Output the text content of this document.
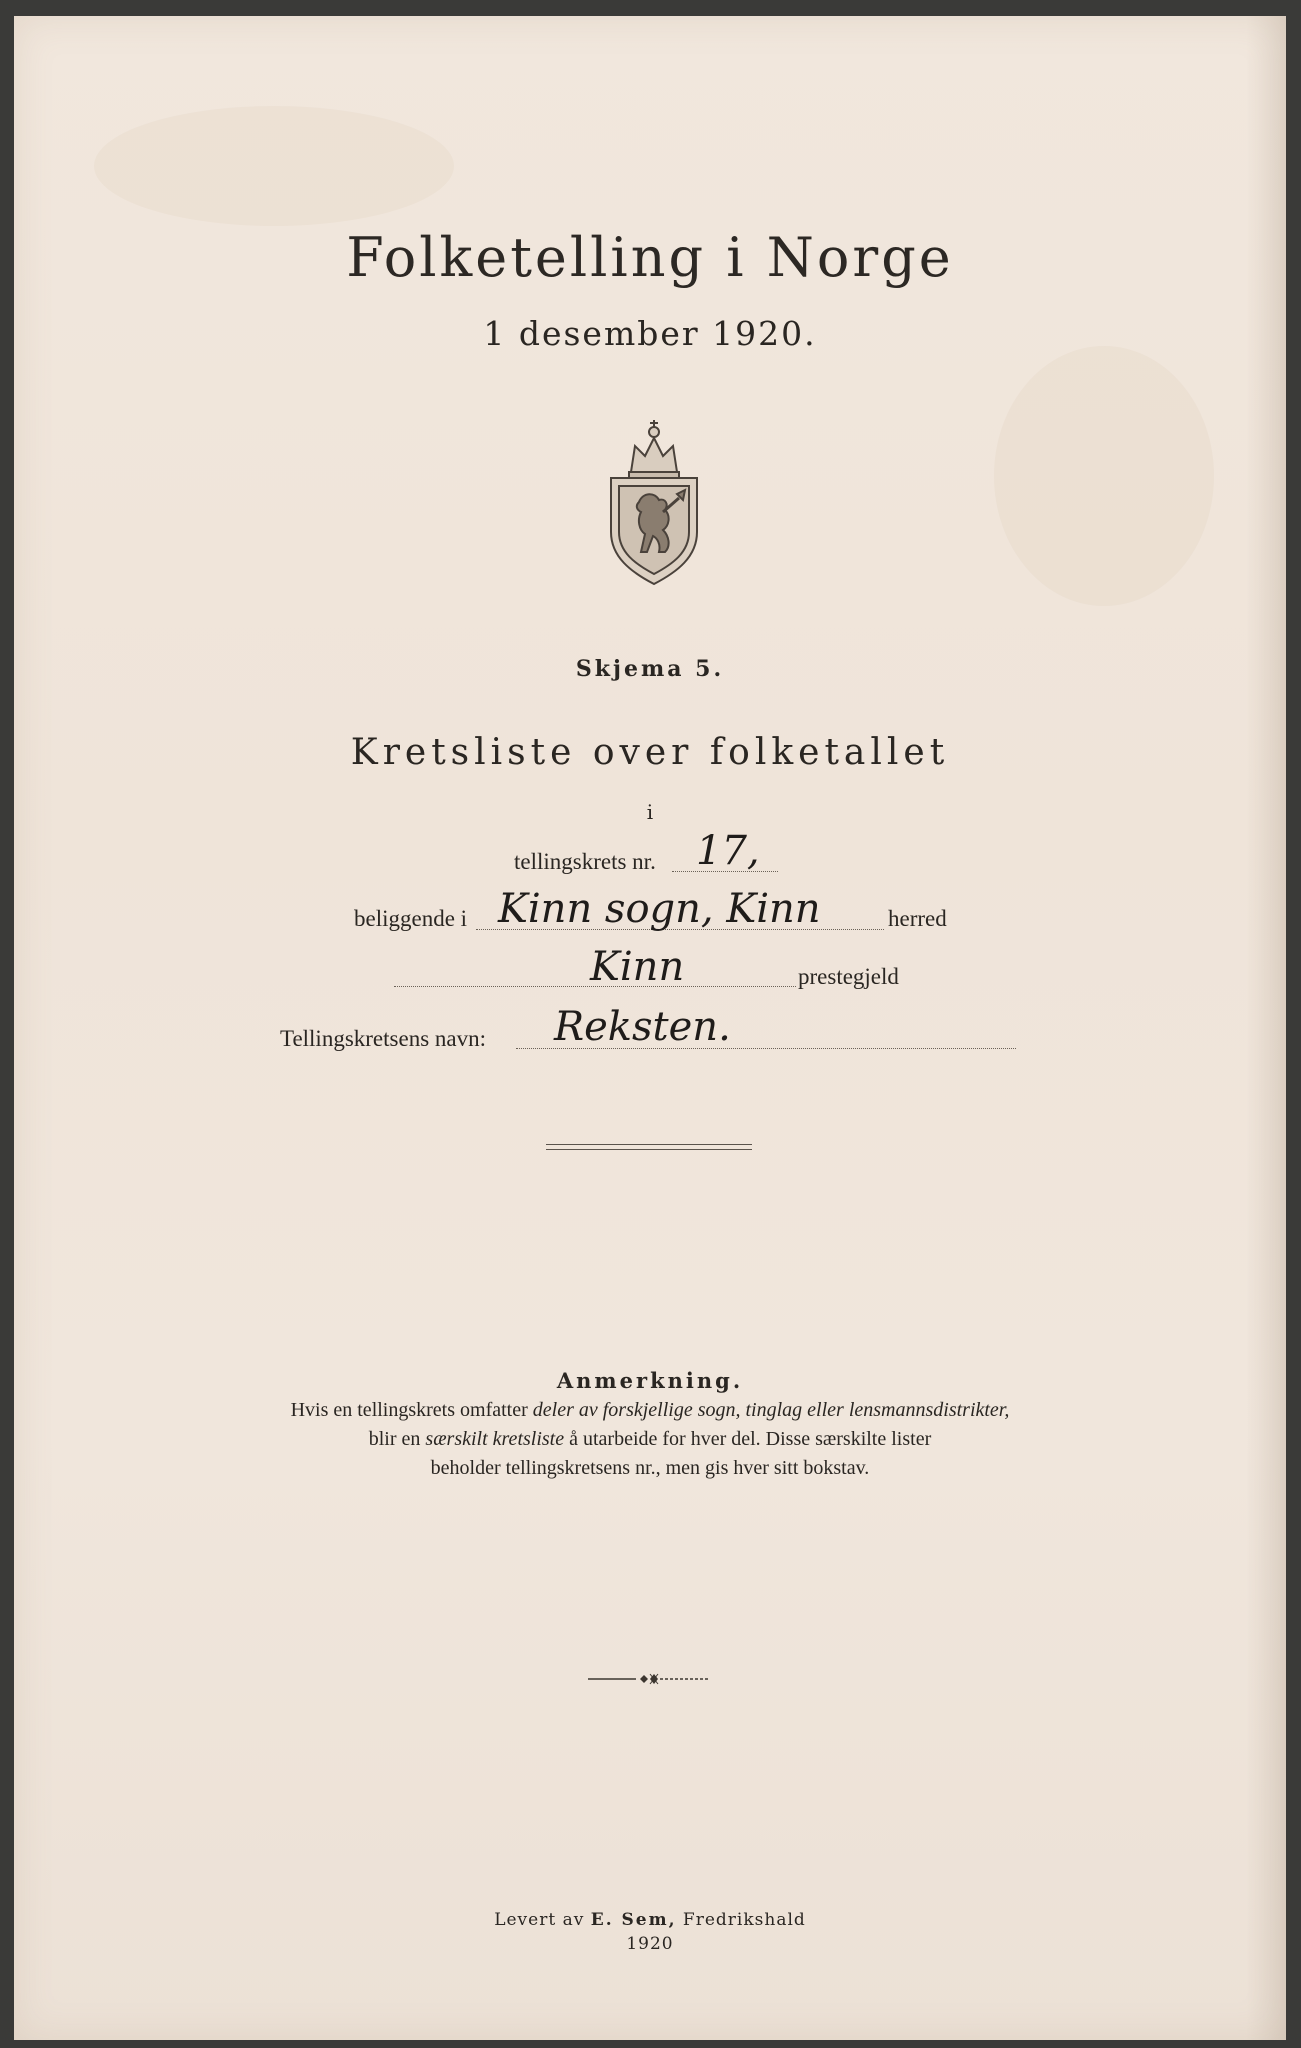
Folketelling i Norge
1 desember 1920.
Skjema 5.
Kretsliste over folketallet
i
tellingskrets nr. 17,
beliggende i Kinn sogn, Kinn	herred
Kinn	prestegjeld
Tellingskretsens navn: Reksten.
Anmerkning.
Hvis en tellingskrets omfatter deler av forskjellige sogn, tinglag eller lensmannsdistrikter,
blir en særskilt kretsliste å utarbeide for hver del. Disse særskilte lister
beholder tellingskretsens nr., men gis hver sitt bokstav.
Levert av E. Sem, Fredrikshald
1920
